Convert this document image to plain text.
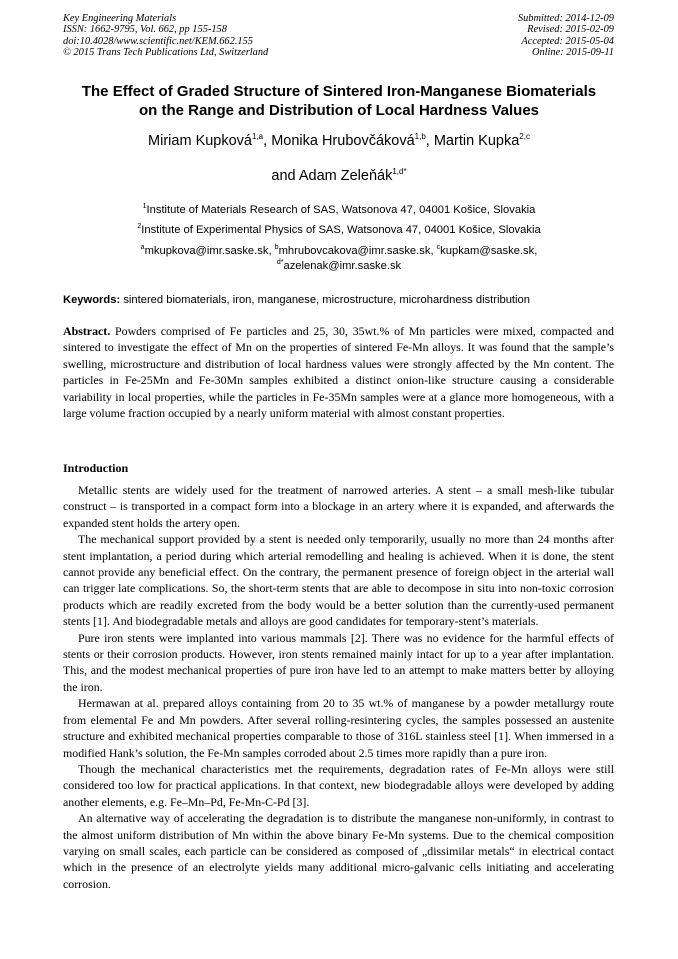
Key Engineering Materials
ISSN: 1662-9795, Vol. 662, pp 155-158
doi:10.4028/www.scientific.net/KEM.662.155
© 2015 Trans Tech Publications Ltd, Switzerland
Submitted: 2014-12-09
Revised: 2015-02-09
Accepted: 2015-05-04
Online: 2015-09-11
The Effect of Graded Structure of Sintered Iron-Manganese Biomaterials
on the Range and Distribution of Local Hardness Values
Miriam Kupková$^{1,a}$, Monika Hrubovčáková$^{1,b}$, Martin Kupka$^{2,c}$
and Adam Zeleňák$^{1,d*}$
$^1$Institute of Materials Research of SAS, Watsonova 47, 04001 Košice, Slovakia
$^2$Institute of Experimental Physics of SAS, Watsonova 47, 04001 Košice, Slovakia
$^a$mkupkova@imr.saske.sk, $^b$mhrubovcakova@imr.saske.sk, $^c$kupkam@saske.sk,
$^{d*}$azelenak@imr.saske.sk
Keywords: sintered biomaterials, iron, manganese, microstructure, microhardness distribution
Abstract. Powders comprised of Fe particles and 25, 30, 35wt.% of Mn particles were mixed, compacted and sintered to investigate the effect of Mn on the properties of sintered Fe-Mn alloys. It was found that the sample’s swelling, microstructure and distribution of local hardness values were strongly affected by the Mn content. The particles in Fe-25Mn and Fe-30Mn samples exhibited a distinct onion-like structure causing a considerable variability in local properties, while the particles in Fe-35Mn samples were at a glance more homogeneous, with a large volume fraction occupied by a nearly uniform material with almost constant properties.
Introduction

Metallic stents are widely used for the treatment of narrowed arteries. A stent – a small mesh-like tubular construct – is transported in a compact form into a blockage in an artery where it is expanded, and afterwards the expanded stent holds the artery open.

The mechanical support provided by a stent is needed only temporarily, usually no more than 24 months after stent implantation, a period during which arterial remodelling and healing is achieved. When it is done, the stent cannot provide any beneficial effect. On the contrary, the permanent presence of foreign object in the arterial wall can trigger late complications. So, the short-term stents that are able to decompose in situ into non-toxic corrosion products which are readily excreted from the body would be a better solution than the currently-used permanent stents [1]. And biodegradable metals and alloys are good candidates for temporary-stent’s materials.

Pure iron stents were implanted into various mammals [2]. There was no evidence for the harmful effects of stents or their corrosion products. However, iron stents remained mainly intact for up to a year after implantation. This, and the modest mechanical properties of pure iron have led to an attempt to make matters better by alloying the iron.

Hermawan at al. prepared alloys containing from 20 to 35 wt.% of manganese by a powder metallurgy route from elemental Fe and Mn powders. After several rolling-resintering cycles, the samples possessed an austenite structure and exhibited mechanical properties comparable to those of 316L stainless steel [1]. When immersed in a modified Hank’s solution, the Fe-Mn samples corroded about 2.5 times more rapidly than a pure iron.

Though the mechanical characteristics met the requirements, degradation rates of Fe-Mn alloys were still considered too low for practical applications. In that context, new biodegradable alloys were developed by adding another elements, e.g. Fe–Mn–Pd, Fe-Mn-C-Pd [3].

An alternative way of accelerating the degradation is to distribute the manganese non-uniformly, in contrast to the almost uniform distribution of Mn within the above binary Fe-Mn systems. Due to the chemical composition varying on small scales, each particle can be considered as composed of „dissimilar metals“ in electrical contact which in the presence of an electrolyte yields many additional micro-galvanic cells initiating and accelerating corrosion.
